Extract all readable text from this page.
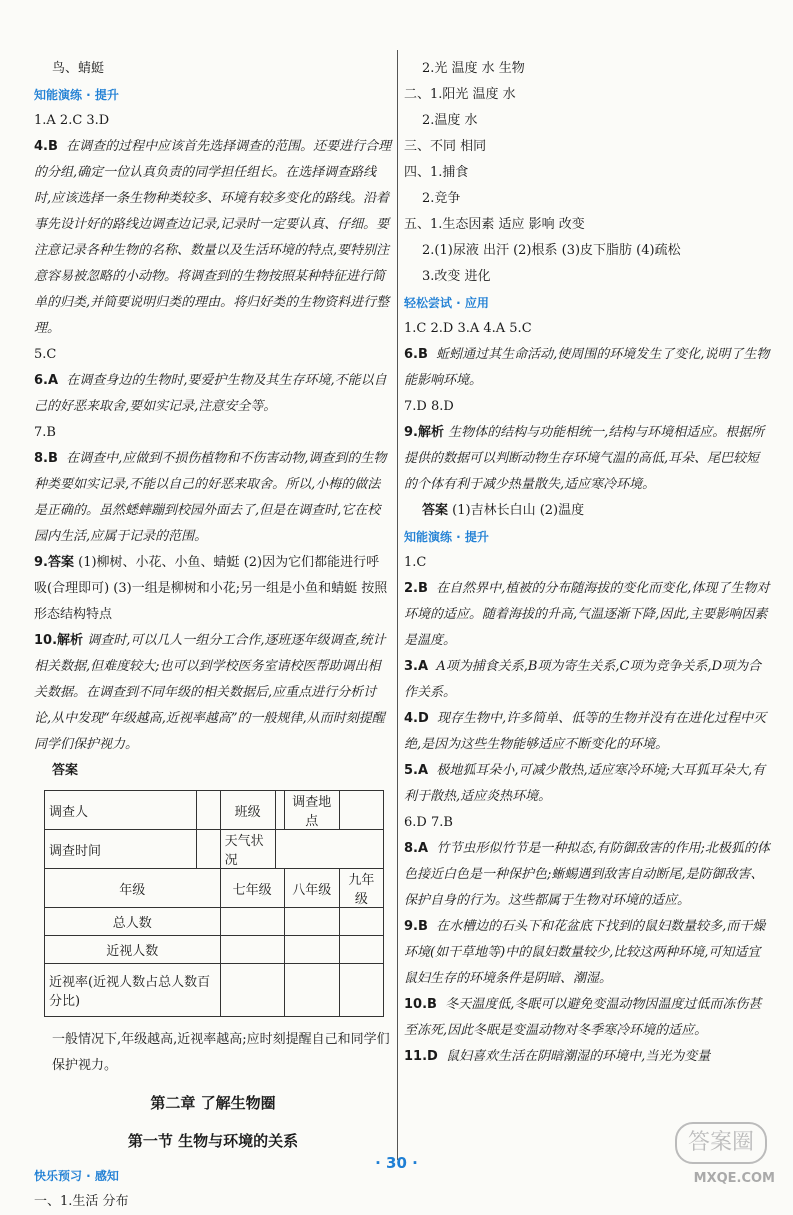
鸟、蜻蜓

知能演练 · 提升

1.A 2.C 3.D

4.B 在调查的过程中应该首先选择调查的范围。还要进行合理的分组,确定一位认真负责的同学担任组长。在选择调查路线时,应该选择一条生物种类较多、环境有较多变化的路线。沿着事先设计好的路线边调查边记录,记录时一定要认真、仔细。要注意记录各种生物的名称、数量以及生活环境的特点,要特别注意容易被忽略的小动物。将调查到的生物按照某种特征进行简单的归类,并简要说明归类的理由。将归好类的生物资料进行整理。

5.C

6.A 在调查身边的生物时,要爱护生物及其生存环境,不能以自己的好恶来取舍,要如实记录,注意安全等。

7.B

8.B 在调查中,应做到不损伤植物和不伤害动物,调查到的生物种类要如实记录,不能以自己的好恶来取舍。所以,小梅的做法是正确的。虽然蟋蟀蹦到校园外面去了,但是在调查时,它在校园内生活,应属于记录的范围。

9.答案 (1)柳树、小花、小鱼、蜻蜓 (2)因为它们都能进行呼吸(合理即可) (3)一组是柳树和小花;另一组是小鱼和蜻蜓 按照形态结构特点

10.解析 调查时,可以几人一组分工合作,逐班逐年级调查,统计相关数据,但难度较大;也可以到学校医务室请校医帮助调出相关数据。在调查到不同年级的相关数据后,应重点进行分析讨论,从中发现“年级越高,近视率越高”的一般规律,从而时刻提醒同学们保护视力。

答案

调查人		班级		调查地点	
调查时间		天气状况			
年级		七年级		八年级	九年级
总人数					
近视人数					
近视率(近视人数占总人数百分比)					

一般情况下,年级越高,近视率越高;应时刻提醒自己和同学们保护视力。

第二章 了解生物圈
第一节 生物与环境的关系
快乐预习 · 感知

一、1.生活 分布

2.光 温度 水 生物

二、1.阳光 温度 水

2.温度 水

三、不同 相同

四、1.捕食

2.竞争

五、1.生态因素 适应 影响 改变

2.(1)尿液 出汗 (2)根系 (3)皮下脂肪 (4)疏松

3.改变 进化

轻松尝试 · 应用

1.C 2.D 3.A 4.A 5.C

6.B 蚯蚓通过其生命活动,使周围的环境发生了变化,说明了生物能影响环境。

7.D 8.D

9.解析 生物体的结构与功能相统一,结构与环境相适应。根据所提供的数据可以判断动物生存环境气温的高低,耳朵、尾巴较短的个体有利于减少热量散失,适应寒冷环境。

答案 (1)吉林长白山 (2)温度

知能演练 · 提升

1.C

2.B 在自然界中,植被的分布随海拔的变化而变化,体现了生物对环境的适应。随着海拔的升高,气温逐渐下降,因此,主要影响因素是温度。

3.A A项为捕食关系,B项为寄生关系,C项为竞争关系,D项为合作关系。

4.D 现存生物中,许多简单、低等的生物并没有在进化过程中灭绝,是因为这些生物能够适应不断变化的环境。

5.A 极地狐耳朵小,可减少散热,适应寒冷环境;大耳狐耳朵大,有利于散热,适应炎热环境。

6.D 7.B

8.A 竹节虫形似竹节是一种拟态,有防御敌害的作用;北极狐的体色接近白色是一种保护色;蜥蜴遇到敌害自动断尾,是防御敌害、保护自身的行为。这些都属于生物对环境的适应。

9.B 在水槽边的石头下和花盆底下找到的鼠妇数量较多,而干燥环境(如干草地等)中的鼠妇数量较少,比较这两种环境,可知适宜鼠妇生存的环境条件是阴暗、潮湿。

10.B 冬天温度低,冬眠可以避免变温动物因温度过低而冻伤甚至冻死,因此冬眠是变温动物对冬季寒冷环境的适应。

11.D 鼠妇喜欢生活在阴暗潮湿的环境中,当光为变量

· 30 ·
答案圈
MXQE.COM
